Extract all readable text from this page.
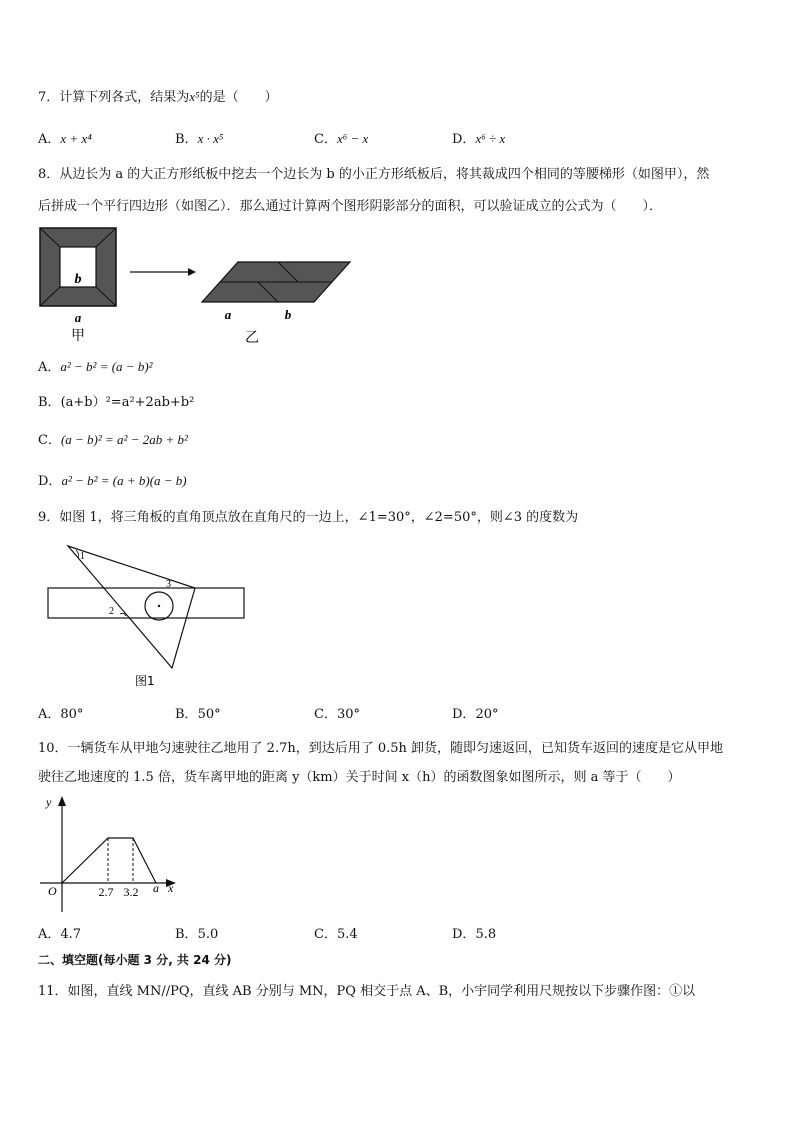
7．计算下列各式，结果为x⁵的是（　　）
A．x + x⁴	B．x · x⁵	C．x⁶ − x	D．x⁶ ÷ x
8．从边长为 a 的大正方形纸板中挖去一个边长为 b 的小正方形纸板后，将其裁成四个相同的等腰梯形（如图甲），然
后拼成一个平行四边形（如图乙）．那么通过计算两个图形阴影部分的面积，可以验证成立的公式为（　　）．
b
a
甲
a	b
乙
A．a² − b² = (a − b)²
B．(a+b）²=a²+2ab+b²
C．(a − b)² = a² − 2ab + b²
D．a² − b² = (a + b)(a − b)
9．如图 1，将三角板的直角顶点放在直角尺的一边上，∠1=30°，∠2=50°，则∠3 的度数为
1
2
3
图1
A．80°	B．50°	C．30°	D．20°
10．一辆货车从甲地匀速驶往乙地用了 2.7h，到达后用了 0.5h 卸货，随即匀速返回，已知货车返回的速度是它从甲地
驶往乙地速度的 1.5 倍，货车离甲地的距离 y（km）关于时间 x（h）的函数图象如图所示，则 a 等于（　　）
y
x
O	2.7 3.2 a
A．4.7	B．5.0	C．5.4	D．5.8
二、填空题(每小题 3 分, 共 24 分)
11．如图，直线 MN//PQ，直线 AB 分别与 MN，PQ 相交于点 A、B，小宇同学利用尺规按以下步骤作图：①以
